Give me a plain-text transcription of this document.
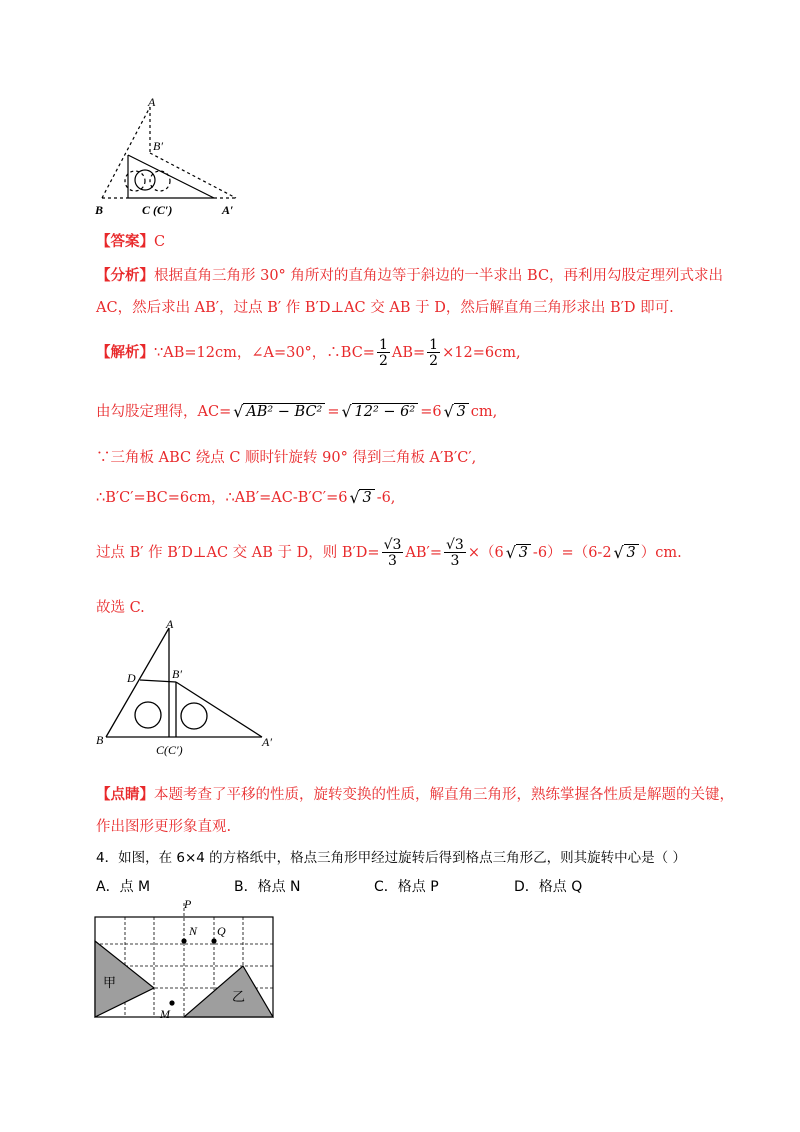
A
B′
B	C (C′)	A′
【答案】C
【分析】根据直角三角形 30° 角所对的直角边等于斜边的一半求出 BC，再利用勾股定理列式求出
AC，然后求出 AB′，过点 B′ 作 B′D⊥AC 交 AB 于 D，然后解直角三角形求出 B′D 即可.
【解析】∵AB=12cm，∠A=30°，∴BC= $\frac{1}{2} AB= \frac{1}{2} \times 12=6cm$,
由勾股定理得，AC=√ AB² − BC² =√ 12² − 6² =6√ 3 cm,
∵三角板 ABC 绕点 C 顺时针旋转 90° 得到三角板 A′B′C′,
∴B′C′=BC=6cm，∴AB′=AC-B′C′=6√ 3 -6,
过点 B′ 作 B′D⊥AC 交 AB 于 D，则 $B'D= \frac{√3}{3} AB'= \frac{√3}{3} \times(6√$ 3 -6）=（6-2√ 3 ）cm.
故选 C.
A
D	B′
B
C(C′)
A′
【点睛】本题考查了平移的性质，旋转变换的性质，解直角三角形，熟练掌握各性质是解题的关键，
作出图形更形象直观.
4．如图，在 6×4 的方格纸中，格点三角形甲经过旋转后得到格点三角形乙，则其旋转中心是（ ）
A．点 M	B．格点 N	C．格点 P	D．格点 Q
P
N Q
M
甲
乙
